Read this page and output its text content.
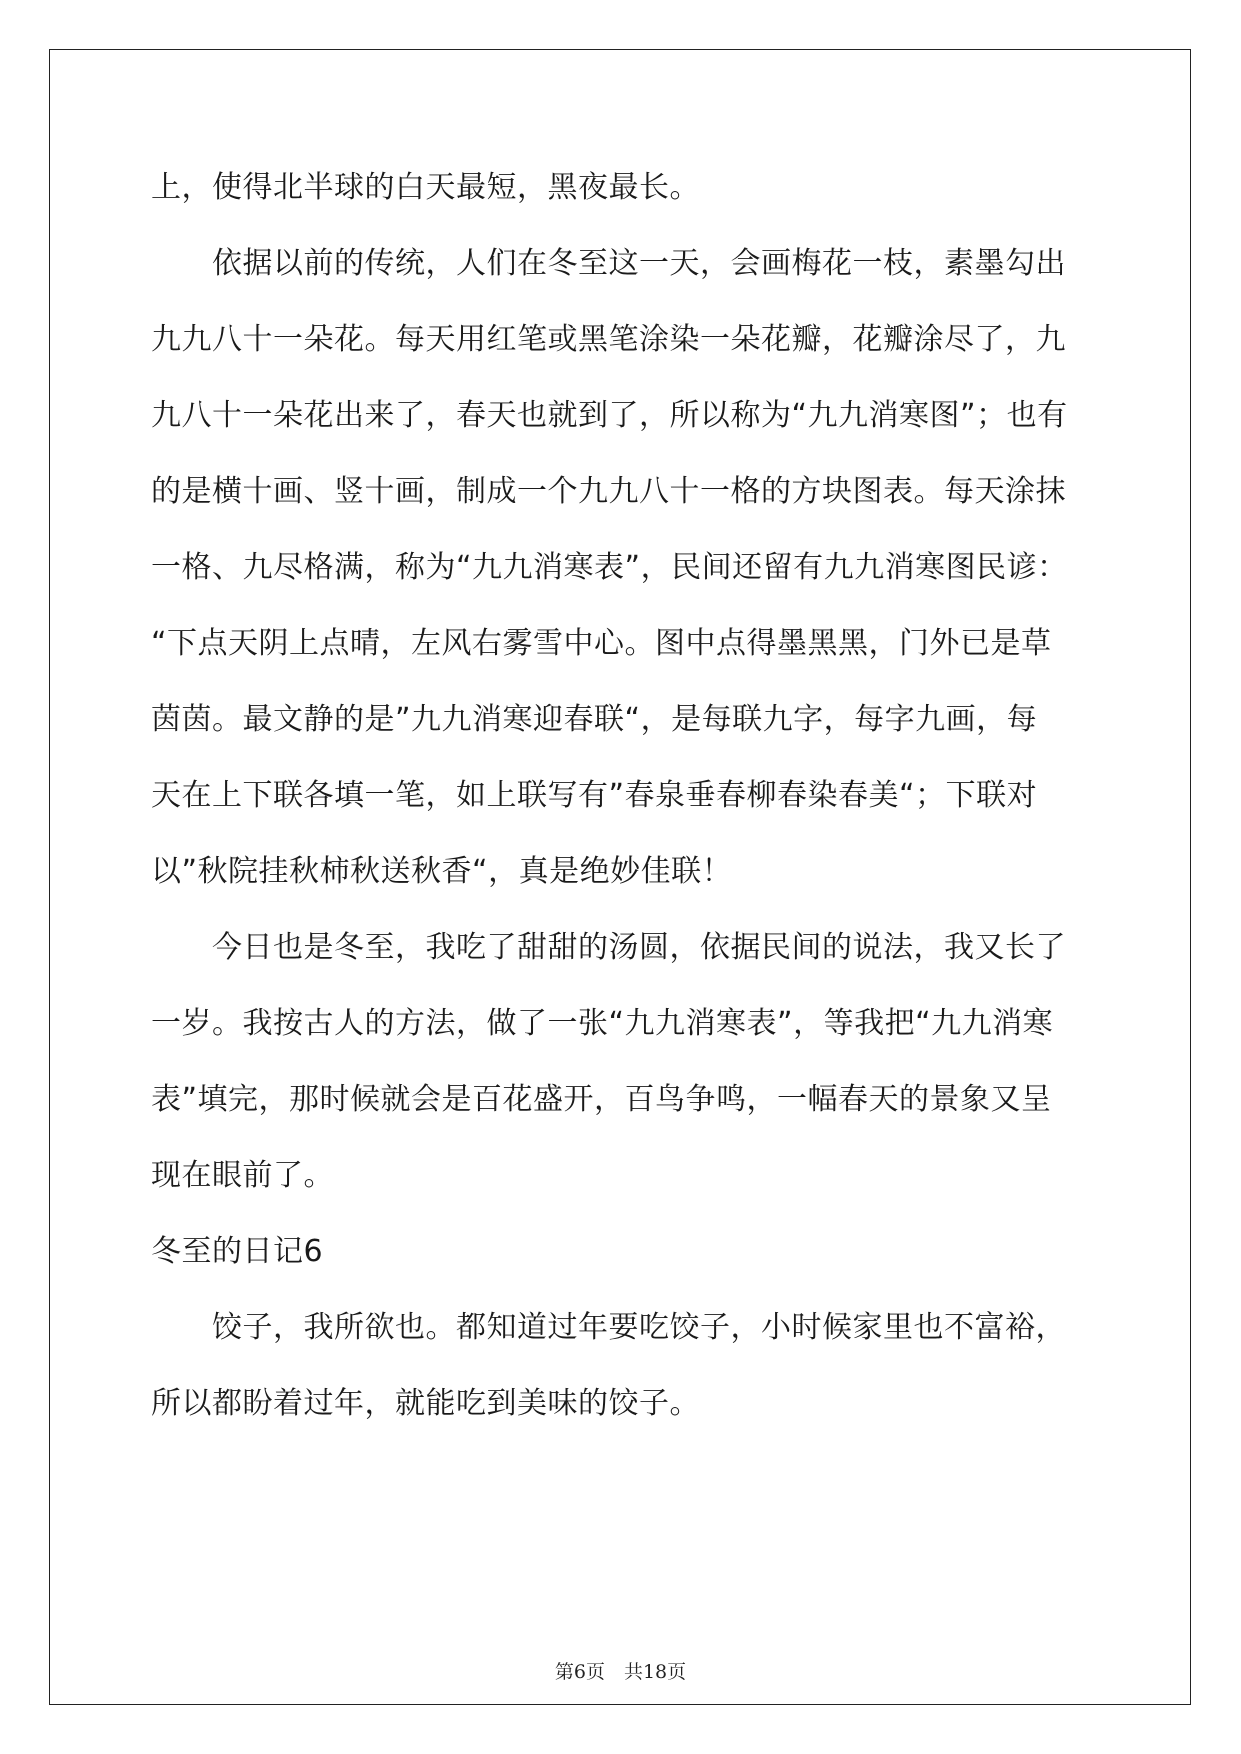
上，使得北半球的白天最短，黑夜最长。
　　依据以前的传统，人们在冬至这一天，会画梅花一枝，素墨勾出
九九八十一朵花。每天用红笔或黑笔涂染一朵花瓣，花瓣涂尽了，九
九八十一朵花出来了，春天也就到了，所以称为“九九消寒图”；也有
的是横十画、竖十画，制成一个九九八十一格的方块图表。每天涂抹
一格、九尽格满，称为“九九消寒表”，民间还留有九九消寒图民谚：
“下点天阴上点晴，左风右雾雪中心。图中点得墨黑黑，门外已是草
茵茵。最文静的是”九九消寒迎春联“，是每联九字，每字九画，每
天在上下联各填一笔，如上联写有”春泉垂春柳春染春美“；下联对
以”秋院挂秋柿秋送秋香“，真是绝妙佳联！
　　今日也是冬至，我吃了甜甜的汤圆，依据民间的说法，我又长了
一岁。我按古人的方法，做了一张“九九消寒表”，等我把“九九消寒
表”填完，那时候就会是百花盛开，百鸟争鸣，一幅春天的景象又呈
现在眼前了。
冬至的日记6
　　饺子，我所欲也。都知道过年要吃饺子，小时候家里也不富裕，
所以都盼着过年，就能吃到美味的饺子。
第6页　共18页
